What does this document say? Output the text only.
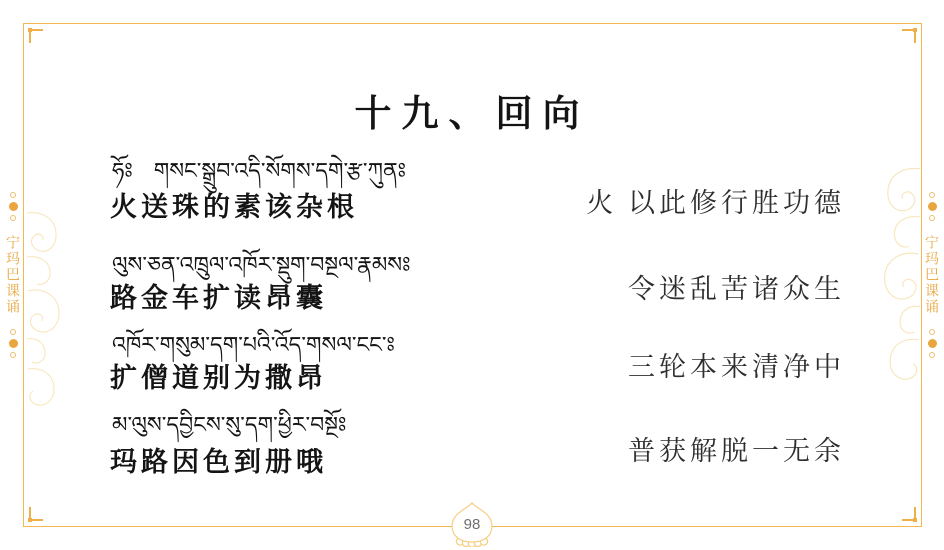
宁玛巴课诵	宁玛巴课诵
十九、回向
ཧོཿ   གསང་སྒྲུབ་འདི་སོགས་དགེ་རྩ་ཀུནཿ
火送珠的素该杂根	火 以此修行胜功德
ལུས་ཅན་འཁྲུལ་འཁོར་སྡུག་བསྔལ་རྣམསཿ
路金车扩读昂囊	令迷乱苦诸众生
འཁོར་གསུམ་དག་པའི་འོད་གསལ་ངང་ཿ
扩僧道别为撒昂	三轮本来清净中
མ་ལུས་དབྱིངས་སུ་དག་ཕྱིར་བསྔོཿ
玛路因色到册哦	普获解脱一无余
98
